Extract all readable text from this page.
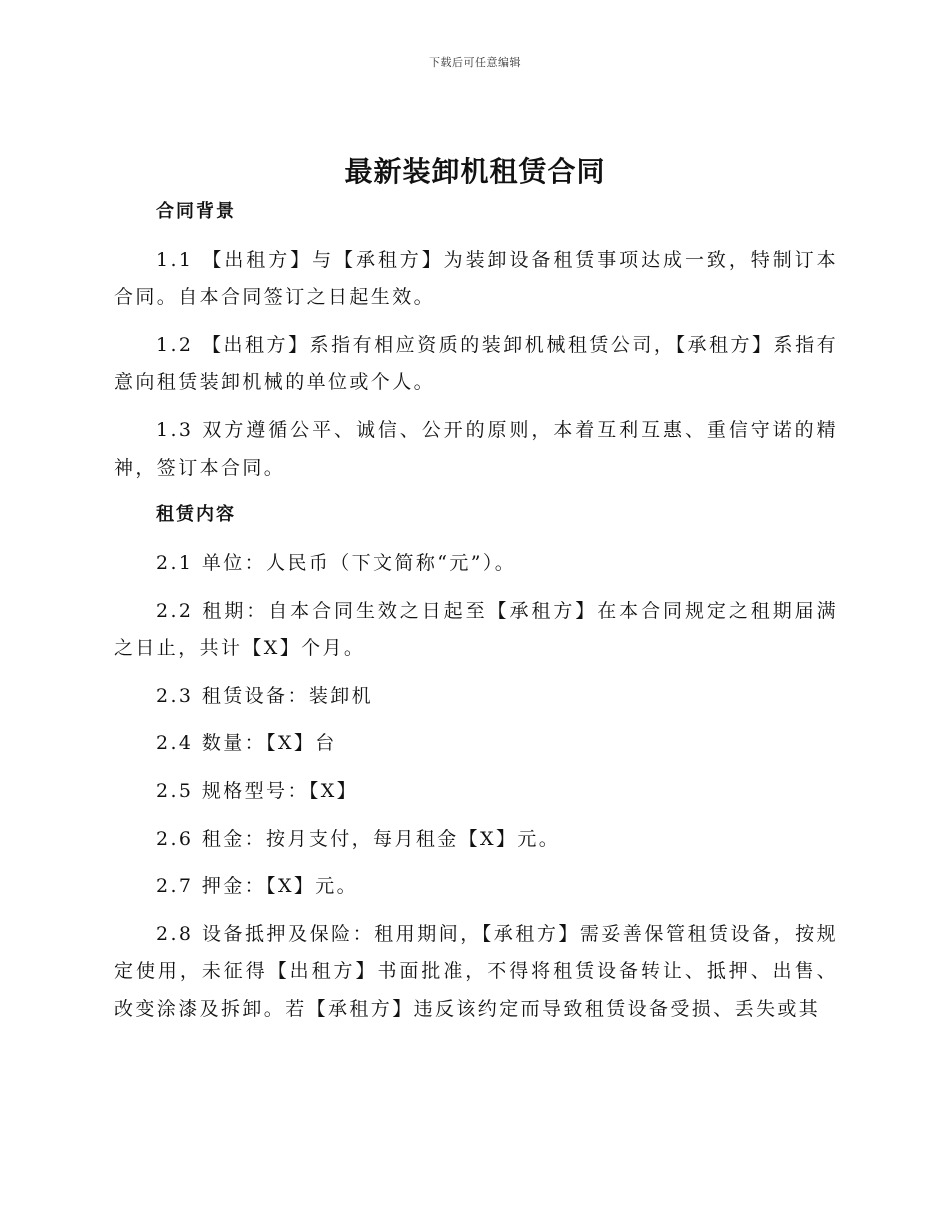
下载后可任意编辑
最新装卸机租赁合同
合同背景

1.1 【出租方】与【承租方】为装卸设备租赁事项达成一致，特制订本合同。自本合同签订之日起生效。

1.2 【出租方】系指有相应资质的装卸机械租赁公司，【承租方】系指有意向租赁装卸机械的单位或个人。

1.3 双方遵循公平、诚信、公开的原则，本着互利互惠、重信守诺的精神，签订本合同。

租赁内容

2.1 单位：人民币（下文简称“元”）。

2.2 租期：自本合同生效之日起至【承租方】在本合同规定之租期届满之日止，共计【X】个月。

2.3 租赁设备：装卸机

2.4 数量：【X】台

2.5 规格型号：【X】

2.6 租金：按月支付，每月租金【X】元。

2.7 押金：【X】元。

2.8 设备抵押及保险：租用期间，【承租方】需妥善保管租赁设备，按规定使用，未征得【出租方】书面批准，不得将租赁设备转让、抵押、出售、改变涂漆及拆卸。若【承租方】违反该约定而导致租赁设备受损、丢失或其
